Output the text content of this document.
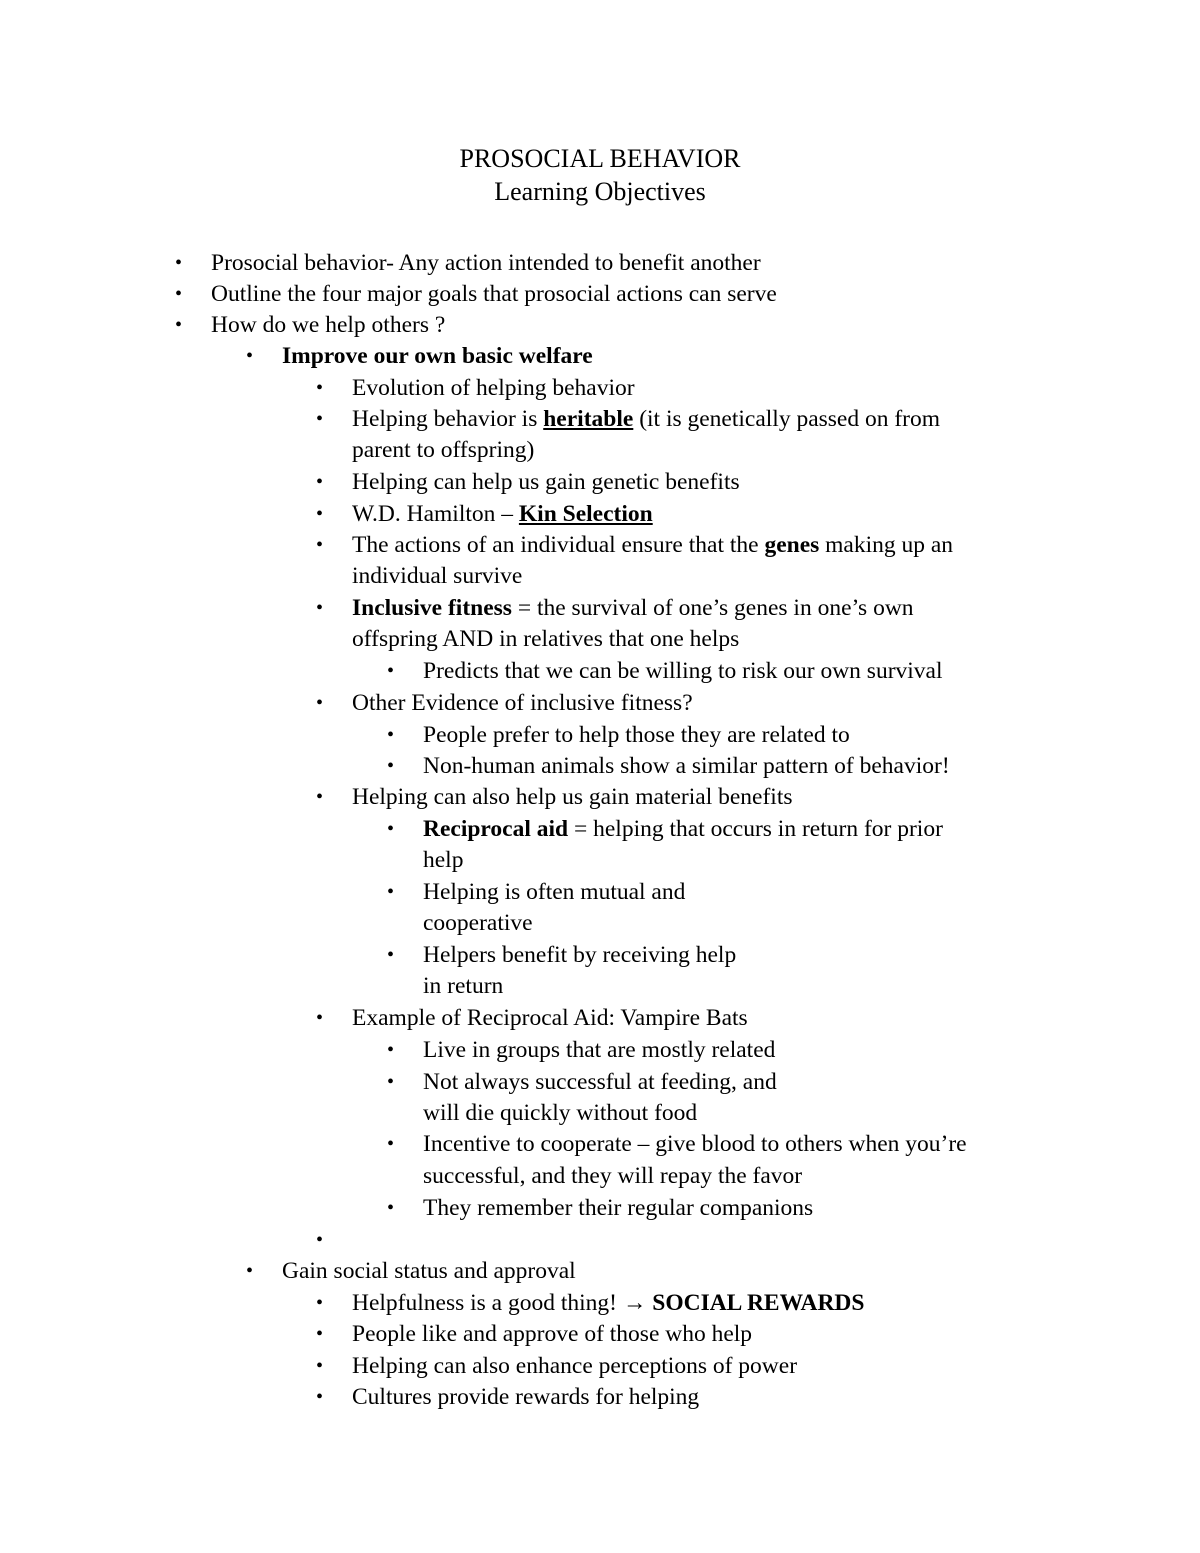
PROSOCIAL BEHAVIOR
Learning Objectives
• Prosocial behavior- Any action intended to benefit another
• Outline the four major goals that prosocial actions can serve
• How do we help others ?
• Improve our own basic welfare
• Evolution of helping behavior
• Helping behavior is heritable (it is genetically passed on from
parent to offspring)
• Helping can help us gain genetic benefits
• W.D. Hamilton – Kin Selection
• The actions of an individual ensure that the genes making up an
individual survive
• Inclusive fitness = the survival of one’s genes in one’s own
offspring AND in relatives that one helps
• Predicts that we can be willing to risk our own survival
• Other Evidence of inclusive fitness?
• People prefer to help those they are related to
• Non-human animals show a similar pattern of behavior!
• Helping can also help us gain material benefits
• Reciprocal aid = helping that occurs in return for prior
help
• Helping is often mutual and
cooperative
• Helpers benefit by receiving help
in return
• Example of Reciprocal Aid: Vampire Bats
• Live in groups that are mostly related
• Not always successful at feeding, and
will die quickly without food
• Incentive to cooperate – give blood to others when you’re
successful, and they will repay the favor
• They remember their regular companions
•
• Gain social status and approval
• Helpfulness is a good thing! → SOCIAL REWARDS
• People like and approve of those who help
• Helping can also enhance perceptions of power
• Cultures provide rewards for helping
